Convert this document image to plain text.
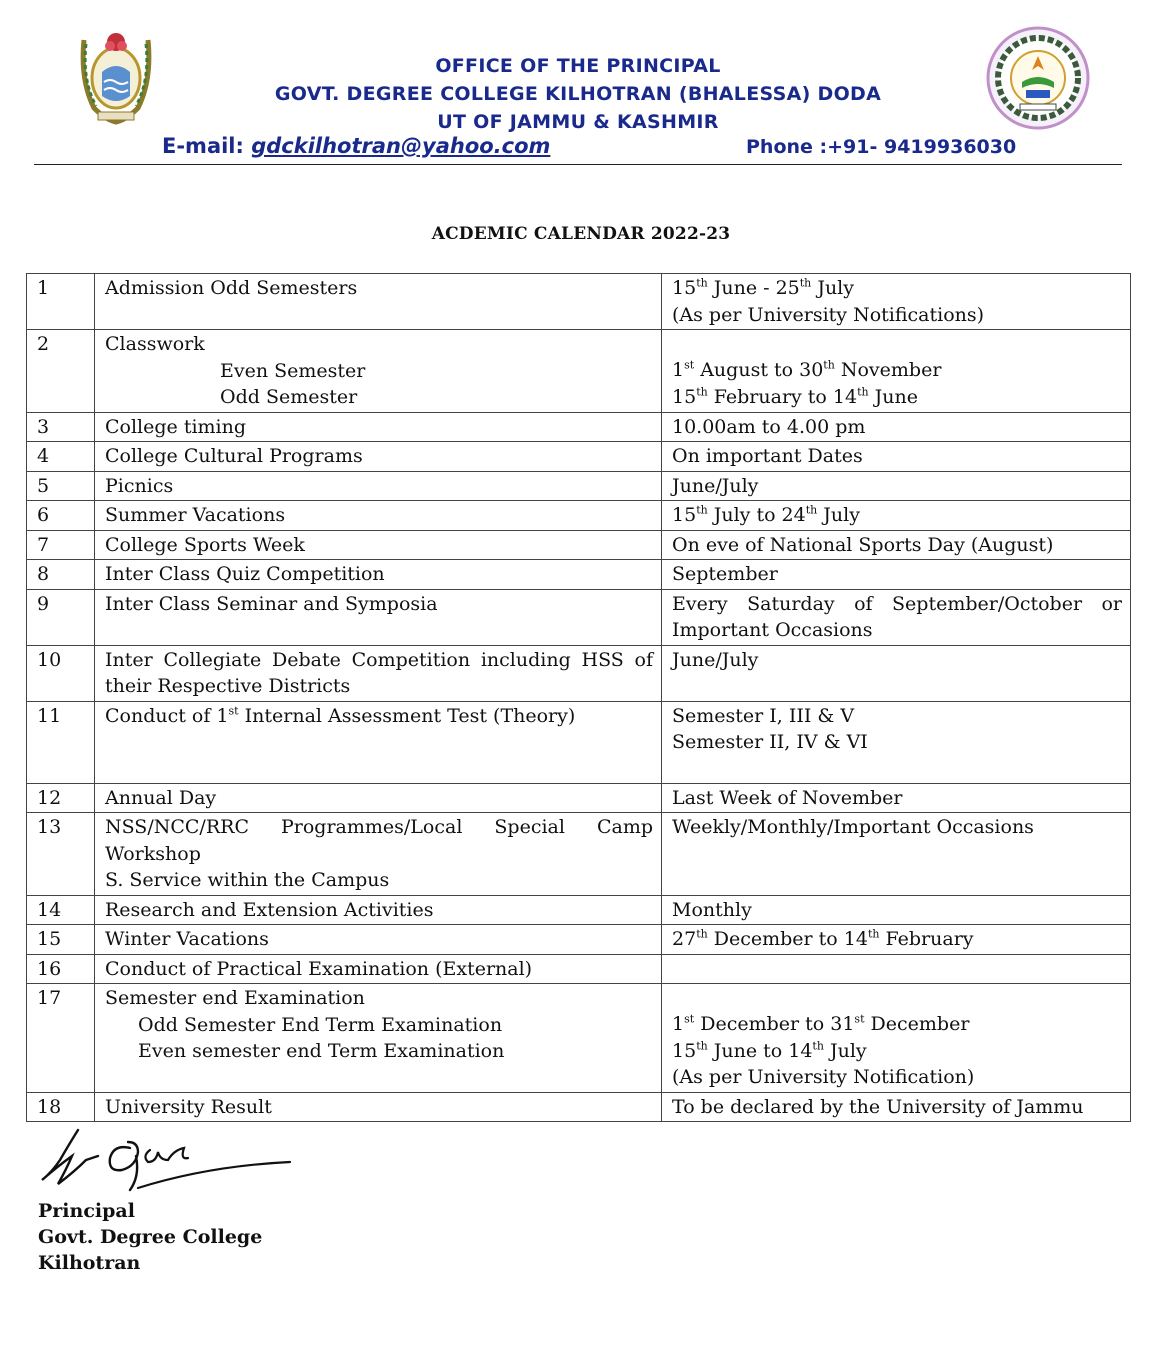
OFFICE OF THE PRINCIPAL
GOVT. DEGREE COLLEGE KILHOTRAN (BHALESSA) DODA
UT OF JAMMU & KASHMIR
E-mail: gdckilhotran@yahoo.com	Phone :+91- 9419936030
ACDEMIC CALENDAR 2022-23
1	Admission Odd Semesters	15th June - 25th July
(As per University Notifications)

2	Classwork
Even Semester
Odd Semester	1st August to 30th November
15th February to 14th June

3	College timing	10.00am to 4.00 pm
4	College Cultural Programs	On important Dates
5	Picnics	June/July
6	Summer Vacations	15th July to 24th July
7	College Sports Week	On eve of National Sports Day (August)
8	Inter Class Quiz Competition	September
9	Inter Class Seminar and Symposia	Every Saturday of September/October or Important Occasions
10	Inter Collegiate Debate Competition including HSS of their Respective Districts	June/July
11	Conduct of 1st Internal Assessment Test (Theory)	Semester I, III & V
Semester II, IV & VI

12	Annual Day	Last Week of November
13	NSS/NCC/RRC Programmes/Local Special Camp Workshop
S. Service within the Campus	Weekly/Monthly/Important Occasions
14	Research and Extension Activities	Monthly
15	Winter Vacations	27th December to 14th February
16	Conduct of Practical Examination (External)	
17	Semester end Examination
Odd Semester End Term Examination
Even semester end Term Examination	1st December to 31st December
15th June to 14th July
(As per University Notification)

18	University Result	To be declared by the University of Jammu
Principal
Govt. Degree College
Kilhotran
